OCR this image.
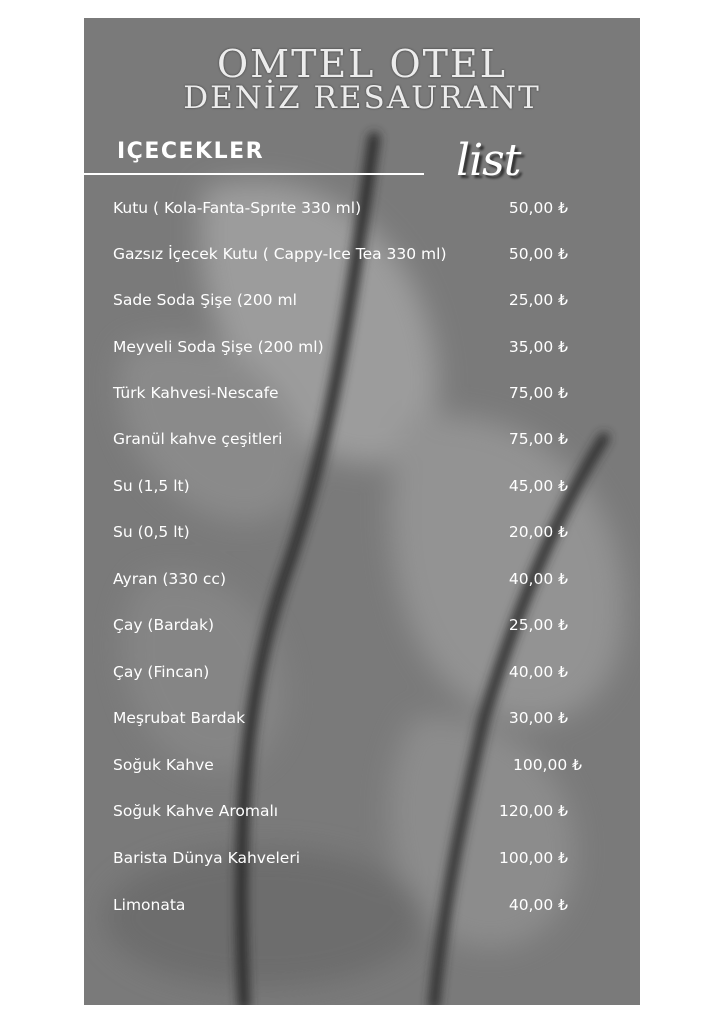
OMTEL OTEL
DENİZ RESAURANT
IÇECEKLER	list
Kutu ( Kola-Fanta-Sprıte 330 ml)	50,00 ₺
Gazsız İçecek Kutu ( Cappy-Ice Tea 330 ml)	50,00 ₺
Sade Soda Şişe (200 ml	25,00 ₺
Meyveli Soda Şişe (200 ml)	35,00 ₺
Türk Kahvesi-Nescafe	75,00 ₺
Granül kahve çeşitleri	75,00 ₺
Su (1,5 lt)	45,00 ₺
Su (0,5 lt)	20,00 ₺
Ayran (330 cc)	40,00 ₺
Çay (Bardak)	25,00 ₺
Çay (Fincan)	40,00 ₺
Meşrubat Bardak	30,00 ₺
Soğuk Kahve	100,00 ₺
Soğuk Kahve Aromalı	120,00 ₺
Barista Dünya Kahveleri	100,00 ₺
Limonata	40,00 ₺
